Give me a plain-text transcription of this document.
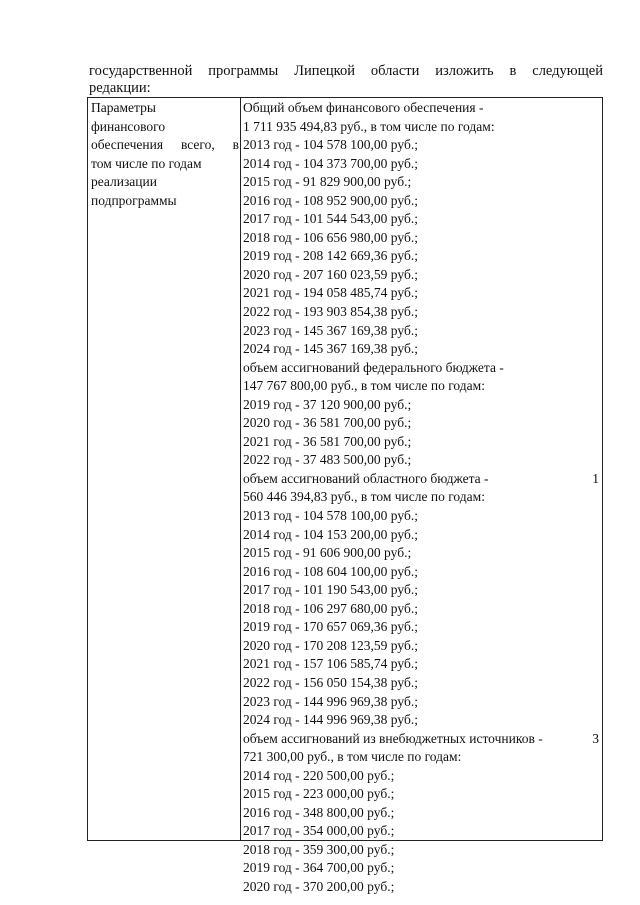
государственной программы Липецкой области изложить в следующей
редакции:
Параметры
финансового
обеспечения всего, в
том числе по годам
реализации
подпрограммы
Общий объем финансового обеспечения -
1 711 935 494,83 руб., в том числе по годам:
2013 год - 104 578 100,00 руб.;
2014 год - 104 373 700,00 руб.;
2015 год - 91 829 900,00 руб.;
2016 год - 108 952 900,00 руб.;
2017 год - 101 544 543,00 руб.;
2018 год - 106 656 980,00 руб.;
2019 год - 208 142 669,36 руб.;
2020 год - 207 160 023,59 руб.;
2021 год - 194 058 485,74 руб.;
2022 год - 193 903 854,38 руб.;
2023 год - 145 367 169,38 руб.;
2024 год - 145 367 169,38 руб.;
объем ассигнований федерального бюджета -
147 767 800,00 руб., в том числе по годам:
2019 год - 37 120 900,00 руб.;
2020 год - 36 581 700,00 руб.;
2021 год - 36 581 700,00 руб.;
2022 год - 37 483 500,00 руб.;
объем ассигнований областного бюджета -	1
560 446 394,83 руб., в том числе по годам:
2013 год - 104 578 100,00 руб.;
2014 год - 104 153 200,00 руб.;
2015 год - 91 606 900,00 руб.;
2016 год - 108 604 100,00 руб.;
2017 год - 101 190 543,00 руб.;
2018 год - 106 297 680,00 руб.;
2019 год - 170 657 069,36 руб.;
2020 год - 170 208 123,59 руб.;
2021 год - 157 106 585,74 руб.;
2022 год - 156 050 154,38 руб.;
2023 год - 144 996 969,38 руб.;
2024 год - 144 996 969,38 руб.;
объем ассигнований из внебюджетных источников -	3
721 300,00 руб., в том числе по годам:
2014 год - 220 500,00 руб.;
2015 год - 223 000,00 руб.;
2016 год - 348 800,00 руб.;
2017 год - 354 000,00 руб.;
2018 год - 359 300,00 руб.;
2019 год - 364 700,00 руб.;
2020 год - 370 200,00 руб.;
